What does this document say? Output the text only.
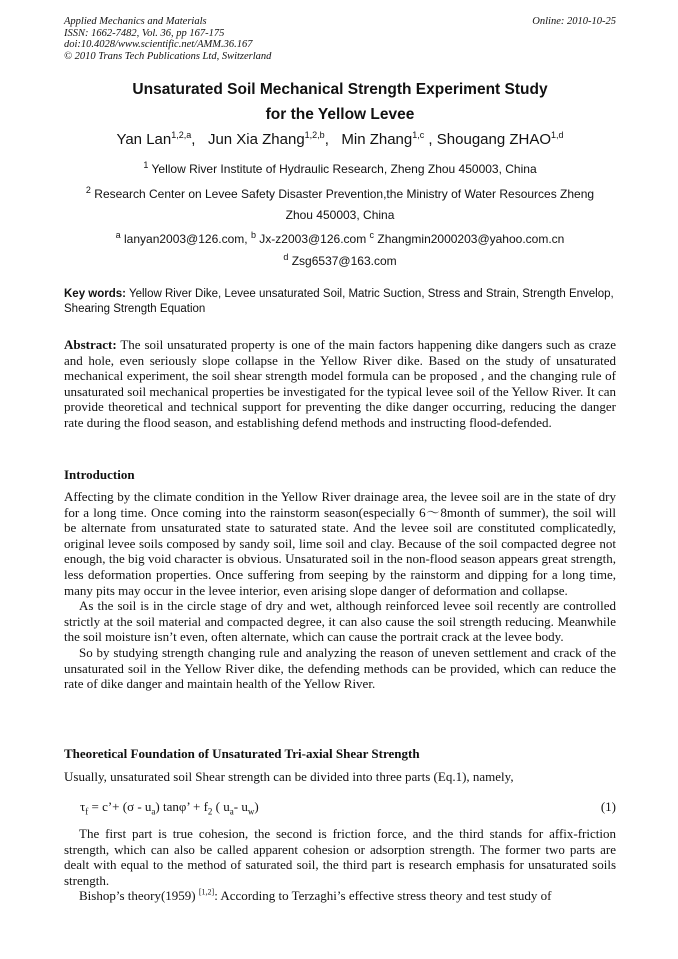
Applied Mechanics and Materials
ISSN: 1662-7482, Vol. 36, pp 167-175
doi:10.4028/www.scientific.net/AMM.36.167
© 2010 Trans Tech Publications Ltd, Switzerland
Online: 2010-10-25
Unsaturated Soil Mechanical Strength Experiment Study
for the Yellow Levee
Yan Lan$^{1,2,a}$,   Jun Xia Zhang$^{1,2,b}$,   Min Zhang$^{1,c}$ , Shougang ZHAO$^{1,d}$
$^1$ Yellow River Institute of Hydraulic Research, Zheng Zhou 450003, China
$^2$ Research Center on Levee Safety Disaster Prevention,the Ministry of Water Resources Zheng
Zhou 450003, China
$^a$ lanyan2003@126.com, $^b$ Jx-z2003@126.com $^c$ Zhangmin2000203@yahoo.com.cn
$^d$ Zsg6537@163.com
Key words: Yellow River Dike, Levee unsaturated Soil, Matric Suction, Stress and Strain, Strength Envelop, Shearing Strength Equation
Abstract: The soil unsaturated property is one of the main factors happening dike dangers such as craze and hole, even seriously slope collapse in the Yellow River dike. Based on the study of unsaturated mechanical experiment, the soil shear strength model formula can be proposed , and the changing rule of unsaturated soil mechanical properties be investigated for the typical levee soil of the Yellow River. It can provide theoretical and technical support for preventing the dike danger occurring, reducing the danger rate during the flood season, and establishing defend methods and instructing flood-defended.
Introduction

Affecting by the climate condition in the Yellow River drainage area, the levee soil are in the state of dry for a long time. Once coming into the rainstorm season(especially 6〜8month of summer), the soil will be alternate from unsaturated state to saturated state. And the levee soil are constituted complicatedly, original levee soils composed by sandy soil, lime soil and clay. Because of the soil compacted degree not enough, the big void character is obvious. Unsaturated soil in the non-flood season appears great strength, less deformation properties. Once suffering from seeping by the rainstorm and dipping for a long time, many pits may occur in the levee interior, even arising slope danger of deformation and collapse.

As the soil is in the circle stage of dry and wet, although reinforced levee soil recently are controlled strictly at the soil material and compacted degree, it can also cause the soil strength reducing. Meanwhile the soil moisture isn’t even, often alternate, which can cause the portrait crack at the levee body.

So by studying strength changing rule and analyzing the reason of uneven settlement and crack of the unsaturated soil in the Yellow River dike, the defending methods can be provided, which can reduce the rate of dike danger and maintain health of the Yellow River.

Theoretical Foundation of Unsaturated Tri-axial Shear Strength

Usually, unsaturated soil Shear strength can be divided into three parts (Eq.1), namely,

$\tau_f$ = c’+ $(\sigma - u_a)$ tanφ’ + $f_2$ ( $u_a-$ $u_w$)	(1)

The first part is true cohesion, the second is friction force, and the third stands for affix-friction strength, which can also be called apparent cohesion or adsorption strength. The former two parts are dealt with equal to the method of saturated soil, the third part is research emphasis for unsaturated soils strength.

Bishop’s theory(1959) [1,2]: According to Terzaghi’s effective stress theory and test study of
